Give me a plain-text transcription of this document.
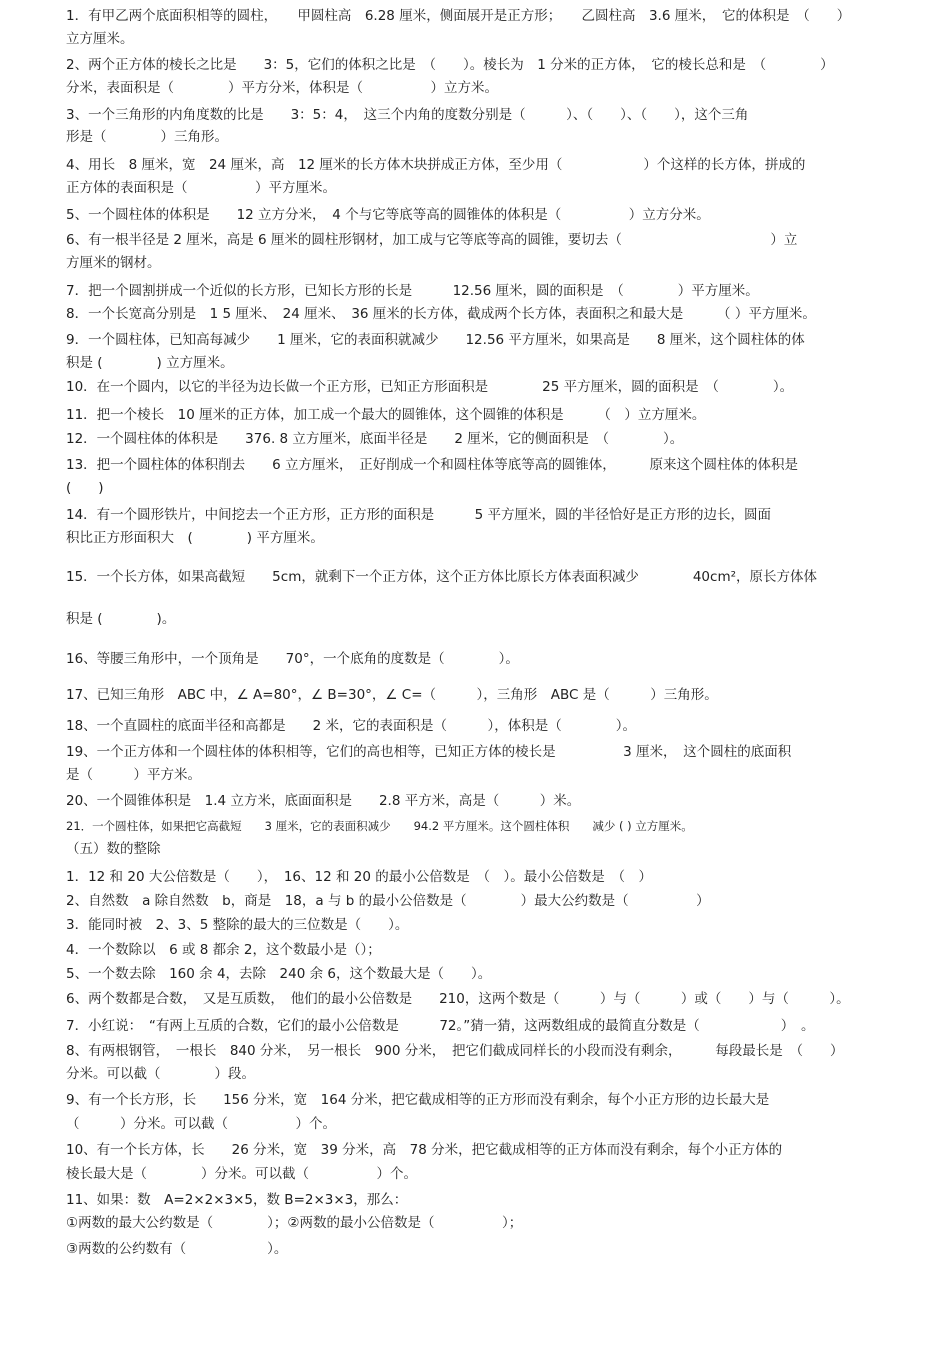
1．有甲乙两个底面积相等的圆柱，　　甲圆柱高　6.28 厘米，侧面展开是正方形；　　乙圆柱高　3.6 厘米，　它的体积是　（　　）
立方厘米。
2、两个正方体的棱长之比是　　3：5，它们的体积之比是　（　　）。棱长为　1 分米的正方体，　它的棱长总和是　（　　　　）
分米，表面积是（　　　　）平方分米，体积是（　　　　　）立方米。
3、一个三角形的内角度数的比是　　3：5：4，　这三个内角的度数分别是（　　　）、（　　）、（　　），这个三角
形是（　　　　）三角形。
4、用长　8 厘米，宽　24 厘米，高　12 厘米的长方体木块拼成正方体，至少用（　　　　　　）个这样的长方体，拼成的
正方体的表面积是（　　　　　）平方厘米。
5、一个圆柱体的体积是　　12 立方分米，　4 个与它等底等高的圆锥体的体积是（　　　　　）立方分米。
6、有一根半径是 2 厘米，高是 6 厘米的圆柱形钢材，加工成与它等底等高的圆锥，要切去（　　　　　　　　　　　）立
方厘米的钢材。
7．把一个圆割拼成一个近似的长方形，已知长方形的长是　　　12.56 厘米，圆的面积是　（　　　　）平方厘米。
8．一个长宽高分别是　1 5 厘米、　24 厘米、　36 厘米的长方体，截成两个长方体，表面积之和最大是　　　（ ）平方厘米。
9．一个圆柱体，已知高每减少　　1 厘米，它的表面积就减少　　12.56 平方厘米，如果高是　　8 厘米，这个圆柱体的体
积是 (　　　　) 立方厘米。
10．在一个圆内，以它的半径为边长做一个正方形，已知正方形面积是　　　　25 平方厘米，圆的面积是　（　　　　）。
11．把一个棱长　10 厘米的正方体，加工成一个最大的圆锥体，这个圆锥的体积是　　　（　）立方厘米。
12．一个圆柱体的体积是　　376. 8 立方厘米，底面半径是　　2 厘米，它的侧面积是　（　　　　）。
13．把一个圆柱体的体积削去　　6 立方厘米，　正好削成一个和圆柱体等底等高的圆锥体，　　　原来这个圆柱体的体积是
(　　)
14．有一个圆形铁片，中间挖去一个正方形，正方形的面积是　　　5 平方厘米，圆的半径恰好是正方形的边长，圆面
积比正方形面积大　(　　　　) 平方厘米。
15．一个长方体，如果高截短　　5cm，就剩下一个正方体，这个正方体比原长方体表面积减少　　　　40cm²，原长方体体
积是 (　　　　)。
16、等腰三角形中，一个顶角是　　70°，一个底角的度数是（　　　　）。
17、已知三角形　ABC 中，∠ A=80°，∠ B=30°，∠ C=（　　　），三角形　ABC 是（　　　）三角形。
18、一个直圆柱的底面半径和高都是　　2 米，它的表面积是（　　　），体积是（　　　　）。
19、一个正方体和一个圆柱体的体积相等，它们的高也相等，已知正方体的棱长是　　　　　3 厘米，　这个圆柱的底面积
是（　　　）平方米。
20、一个圆锥体积是　1.4 立方米，底面面积是　　2.8 平方米，高是（　　　）米。
21．一个圆柱体，如果把它高截短　　3 厘米，它的表面积减少　　94.2 平方厘米。这个圆柱体积　　减少 ( ) 立方厘米。
（五）数的整除
1．12 和 20 大公倍数是（　　），　16、12 和 20 的最小公倍数是　（　）。最小公倍数是　（　）
2、自然数　a 除自然数　b，商是　18，a 与 b 的最小公倍数是（　　　　）最大公约数是（　　　　　）
3．能同时被　2、3、5 整除的最大的三位数是（　　）。
4．一个数除以　6 或 8 都余 2，这个数最小是（）；
5、一个数去除　160 余 4，去除　240 余 6，这个数最大是（　　）。
6、两个数都是合数，　又是互质数，　他们的最小公倍数是　　210，这两个数是（　　　）与（　　　）或（　　）与（　　　）。
7．小红说：　“有两上互质的合数，它们的最小公倍数是　　　72。”猜一猜，这两数组成的最简直分数是（　　　　　　）　。
8、有两根钢管，　一根长　840 分米，　另一根长　900 分米，　把它们截成同样长的小段而没有剩余，　　　每段最长是　（　　）
分米。可以截（　　　　）段。
9、有一个长方形，长　　156 分米，宽　164 分米，把它截成相等的正方形而没有剩余，每个小正方形的边长最大是
（　　　）分米。可以截（　　　　　）个。
10、有一个长方体，长　　26 分米，宽　39 分米，高　78 分米，把它截成相等的正方体而没有剩余，每个小正方体的
棱长最大是（　　　　）分米。可以截（　　　　　）个。
11、如果：数　A=2×2×3×5，数 B=2×3×3，那么：
①两数的最大公约数是（　　　　）；②两数的最小公倍数是（　　　　　）；
③两数的公约数有（　　　　　　）。
